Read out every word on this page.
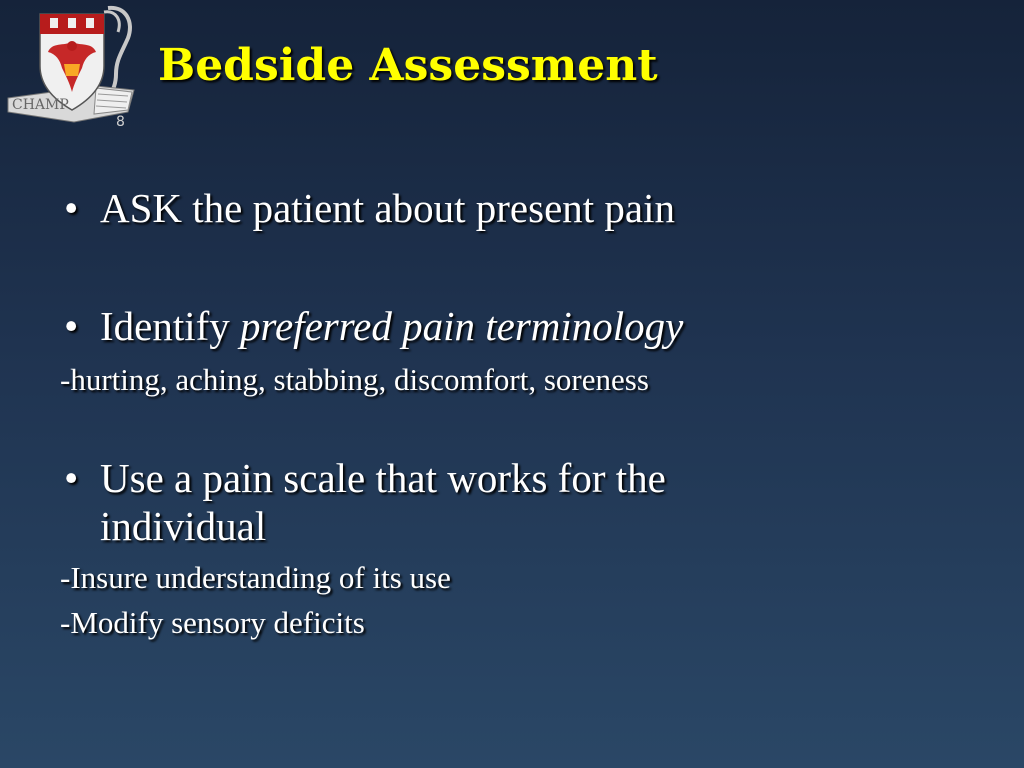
CHAMP
8
Bedside Assessment
• ASK the patient about present pain
• Identify preferred pain terminology
-hurting, aching, stabbing, discomfort, soreness
• Use a pain scale that works for the individual
-Insure understanding of its use
-Modify sensory deficits
